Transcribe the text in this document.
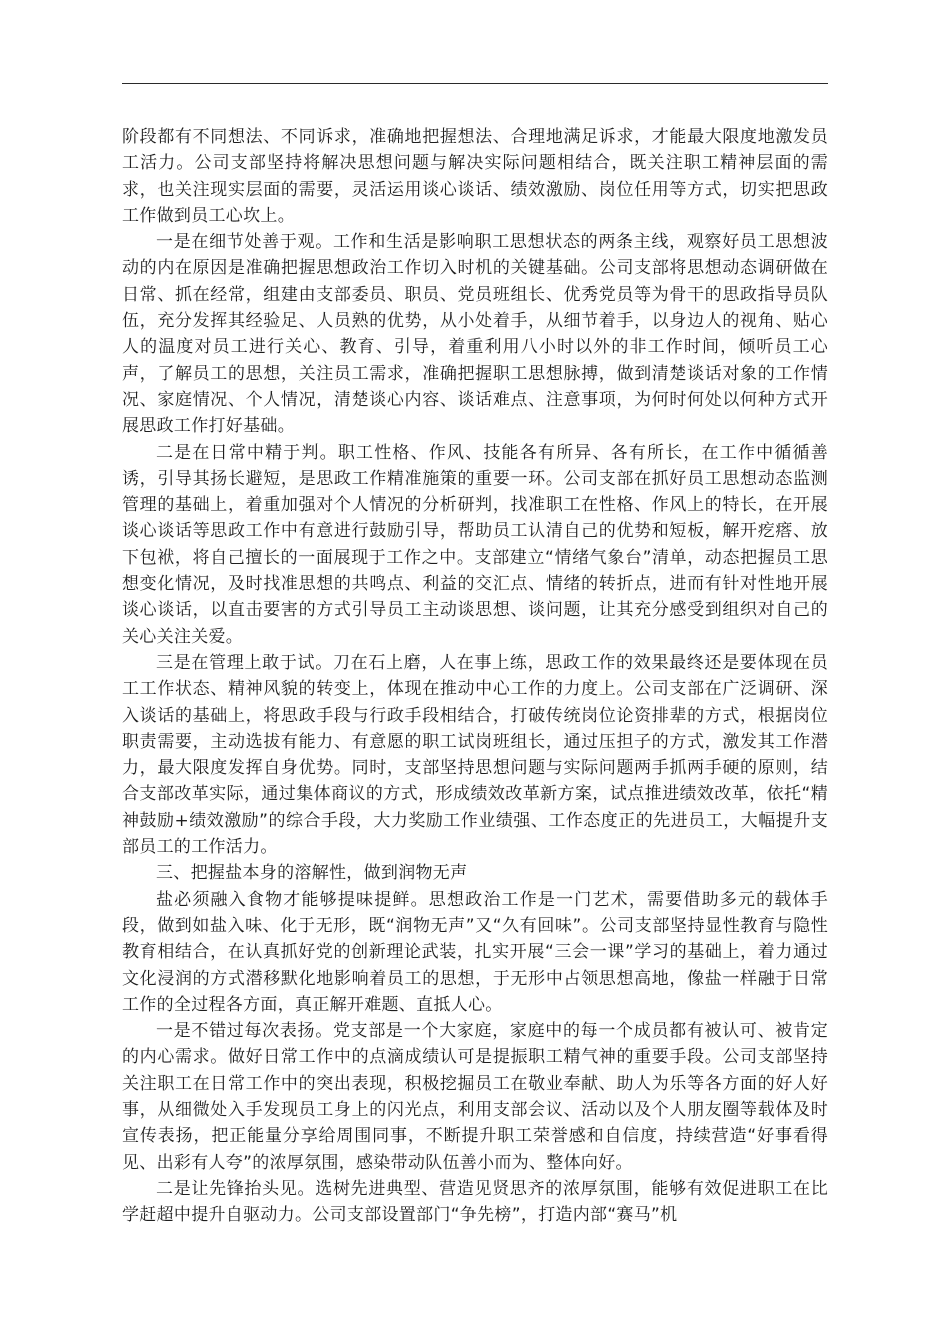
阶段都有不同想法、不同诉求，准确地把握想法、合理地满足诉求，才能最大限度地激发员工活力。公司支部坚持将解决思想问题与解决实际问题相结合，既关注职工精神层面的需求，也关注现实层面的需要，灵活运用谈心谈话、绩效激励、岗位任用等方式，切实把思政工作做到员工心坎上。

一是在细节处善于观。工作和生活是影响职工思想状态的两条主线，观察好员工思想波动的内在原因是准确把握思想政治工作切入时机的关键基础。公司支部将思想动态调研做在日常、抓在经常，组建由支部委员、职员、党员班组长、优秀党员等为骨干的思政指导员队伍，充分发挥其经验足、人员熟的优势，从小处着手，从细节着手，以身边人的视角、贴心人的温度对员工进行关心、教育、引导，着重利用八小时以外的非工作时间，倾听员工心声，了解员工的思想，关注员工需求，准确把握职工思想脉搏，做到清楚谈话对象的工作情况、家庭情况、个人情况，清楚谈心内容、谈话难点、注意事项，为何时何处以何种方式开展思政工作打好基础。

二是在日常中精于判。职工性格、作风、技能各有所异、各有所长，在工作中循循善诱，引导其扬长避短，是思政工作精准施策的重要一环。公司支部在抓好员工思想动态监测管理的基础上，着重加强对个人情况的分析研判，找准职工在性格、作风上的特长，在开展谈心谈话等思政工作中有意进行鼓励引导，帮助员工认清自己的优势和短板，解开疙瘩、放下包袱，将自己擅长的一面展现于工作之中。支部建立“情绪气象台”清单，动态把握员工思想变化情况，及时找准思想的共鸣点、利益的交汇点、情绪的转折点，进而有针对性地开展谈心谈话，以直击要害的方式引导员工主动谈思想、谈问题，让其充分感受到组织对自己的关心关注关爱。

三是在管理上敢于试。刀在石上磨，人在事上练，思政工作的效果最终还是要体现在员工工作状态、精神风貌的转变上，体现在推动中心工作的力度上。公司支部在广泛调研、深入谈话的基础上，将思政手段与行政手段相结合，打破传统岗位论资排辈的方式，根据岗位职责需要，主动选拔有能力、有意愿的职工试岗班组长，通过压担子的方式，激发其工作潜力，最大限度发挥自身优势。同时，支部坚持思想问题与实际问题两手抓两手硬的原则，结合支部改革实际，通过集体商议的方式，形成绩效改革新方案，试点推进绩效改革，依托“精神鼓励+绩效激励”的综合手段，大力奖励工作业绩强、工作态度正的先进员工，大幅提升支部员工的工作活力。

三、把握盐本身的溶解性，做到润物无声

盐必须融入食物才能够提味提鲜。思想政治工作是一门艺术，需要借助多元的载体手段，做到如盐入味、化于无形，既“润物无声”又“久有回味”。公司支部坚持显性教育与隐性教育相结合，在认真抓好党的创新理论武装，扎实开展“三会一课”学习的基础上，着力通过文化浸润的方式潜移默化地影响着员工的思想，于无形中占领思想高地，像盐一样融于日常工作的全过程各方面，真正解开难题、直抵人心。

一是不错过每次表扬。党支部是一个大家庭，家庭中的每一个成员都有被认可、被肯定的内心需求。做好日常工作中的点滴成绩认可是提振职工精气神的重要手段。公司支部坚持关注职工在日常工作中的突出表现，积极挖掘员工在敬业奉献、助人为乐等各方面的好人好事，从细微处入手发现员工身上的闪光点，利用支部会议、活动以及个人朋友圈等载体及时宣传表扬，把正能量分享给周围同事，不断提升职工荣誉感和自信度，持续营造“好事看得见、出彩有人夸”的浓厚氛围，感染带动队伍善小而为、整体向好。

二是让先锋抬头见。选树先进典型、营造见贤思齐的浓厚氛围，能够有效促进职工在比学赶超中提升自驱动力。公司支部设置部门“争先榜”，打造内部“赛马”机
